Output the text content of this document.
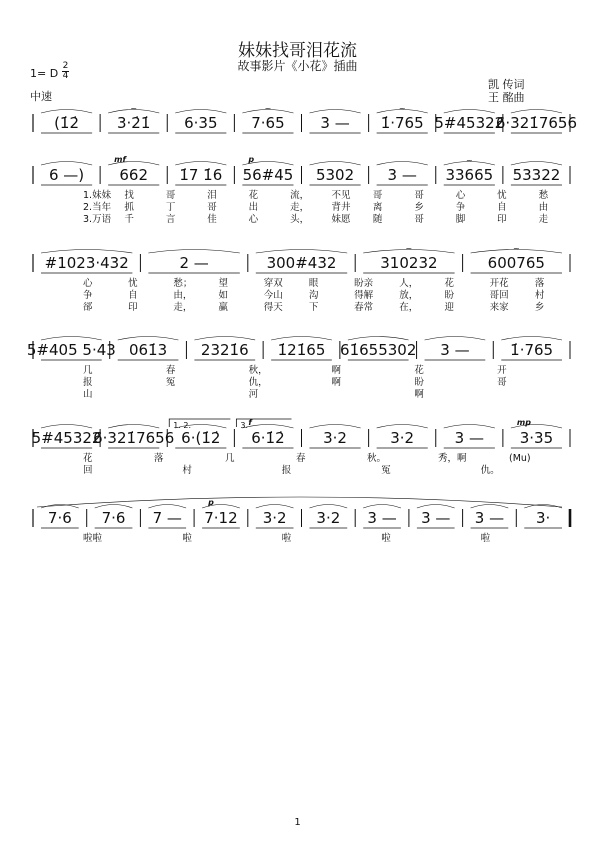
妹妹找哥泪花流
故事影片《小花》插曲
1= D
2
4
中速
凯 传词
王 酩曲
(1̇2̇	3·2̇1̇
~
6·35 7·65
~
3 — 1̇·765
~
5#45322
6·321̇7656
6 —) 662
mf
1̇7 1̇6 56#45
p
5302 3 — 33665
~
53322
1.妹妹 找	哥	泪	花	流， 不见 哥	哥	心	忧	愁
2.当年 抓	丁	哥	出	走， 背井 离	乡	争	自	由
3.万语 千	言	佳	心	头， 妹愿 随	哥	脚	印	走
#1023·432	2 —	300#432	310232
~
600765
~
心	忧	愁；	望	穿双	眼	盼亲	人，	花	开花	落
争	自	由，	如	今山	沟	得解	放，	盼	哥回	村
郤	印	走，	赢	得天	下	春常	在，	迎	来家	乡
5#405 5·43 061̇3 2321̇6 1̇21̇65 61̇655302 3 —	1̇·765
几	春	秋，	啊	花	开
报	冤	仇，	啊	盼	哥
山	河	啊
5#45322
6·321̇7656 6·(1̇2̇ 6·1̇2̇
f
3·2	3·2	3 — 3·35
mp
花	落	几	春	秋。	秀，啊	(Mu)
回	村	报	冤	仇。
7·6 7·6 7 — 7·12
p
3·2 3·2 3 — 3 — 3 — 3·
啦啦	啦	啦	啦	啦
1. 2.	3.
1
